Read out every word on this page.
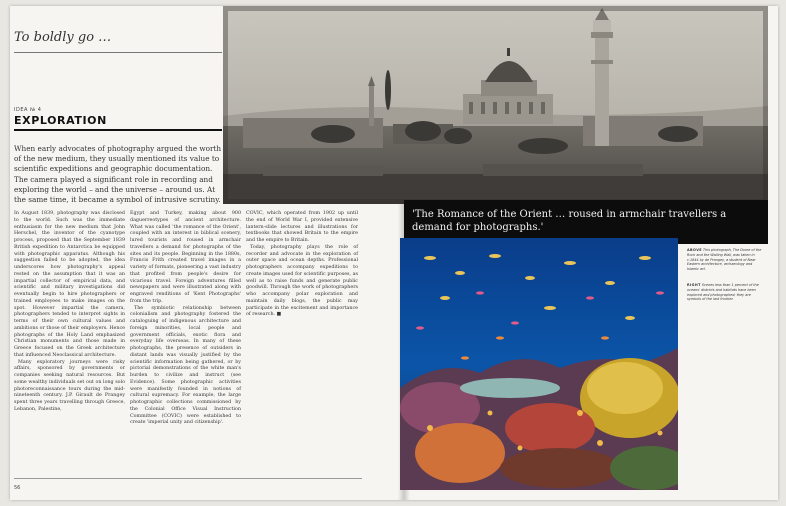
To boldly go …
IDEA № 4
EXPLORATION
When early advocates of photography argued the worth of the new medium, they usually mentioned its value to scientific expeditions and geographic documentation. The camera played a significant role in recording and exploring the world – and the universe – around us. At the same time, it became a symbol of intrusive scrutiny.

In August 1839, photography was disclosed to the world. Such was the immediate enthusiasm for the new medium that John Herschel, the inventor of the cyanotype process, proposed that the September 1839 British expedition to Antarctica be equipped with photographic apparatus. Although his suggestion failed to be adopted, the idea underscores how photography's appeal rested on the assumption that it was an impartial collector of empirical data, and scientific and military investigations did eventually begin to hire photographers or trained employees to make images on the spot. However impartial the camera, photographers tended to interpret sights in terms of their own cultural values and ambitions or those of their employers. Hence photographs of the Holy Land emphasized Christian monuments and those made in Greece focused on the Greek architecture that influenced Neoclassical architecture.

Many exploratory journeys were risky affairs, sponsored by governments or companies seeking natural resources. But some wealthy individuals set out on long solo photoreconnaissance tours during the mid-nineteenth century. J.P. Girault de Prangey spent three years travelling through Greece, Lebanon, Palestine,

Egypt and Turkey, making about 900 daguerreotypes of ancient architecture. What was called 'the romance of the Orient', coupled with an interest in biblical scenery, lured tourists and roused in armchair travellers a demand for photographs of the sites and its people. Beginning in the 1880s, Francis Frith created travel images in a variety of formats, pioneering a vast industry that profited from people's desire for vicarious travel. Foreign adventures filled newspapers and were illustrated along with engraved renditions of 'Kent Photographs' from the trip.

The symbiotic relationship between colonialism and photography fostered the cataloguing of indigenous architecture and foreign minorities, local people and government officials, exotic flora and everyday life overseas. In many of these photographs, the presence of outsiders in distant lands was visually justified by the scientific information being gathered, or by pictorial demonstrations of the white man's burden to civilize and instruct (see Evidence). Some photographic activities were manifestly founded in notions of cultural supremacy. For example, the large photographic collections commissioned by the Colonial Office Visual Instruction Committee (COVIC) were established to create 'imperial unity and citizenship'.

COVIC, which operated from 1902 up until the end of World War I, provided extensive lantern-slide lectures and illustrations for textbooks that showed Britain to the empire and the empire to Britain.

Today, photography plays the role of recorder and advocate in the exploration of outer space and ocean depths. Professional photographers accompany expeditions to create images used for scientific purposes, as well as to raise funds and generate public goodwill. Through the work of photographers who accompany polar exploration and maintain daily blogs, the public may participate in the excitement and importance of research. ■

56
'The Romance of the Orient … roused in armchair travellers a demand for photographs.'
ABOVE This photograph, The Dome of the Rock and the Wailing Wall, was taken in c.1844 by de Prangey, a student of Near Eastern architecture, archaeology and Islamic art.
RIGHT Scenes less than 1 percent of the oceans' districts and habitats have been explored and photographed; they are symbols of the last frontier.
